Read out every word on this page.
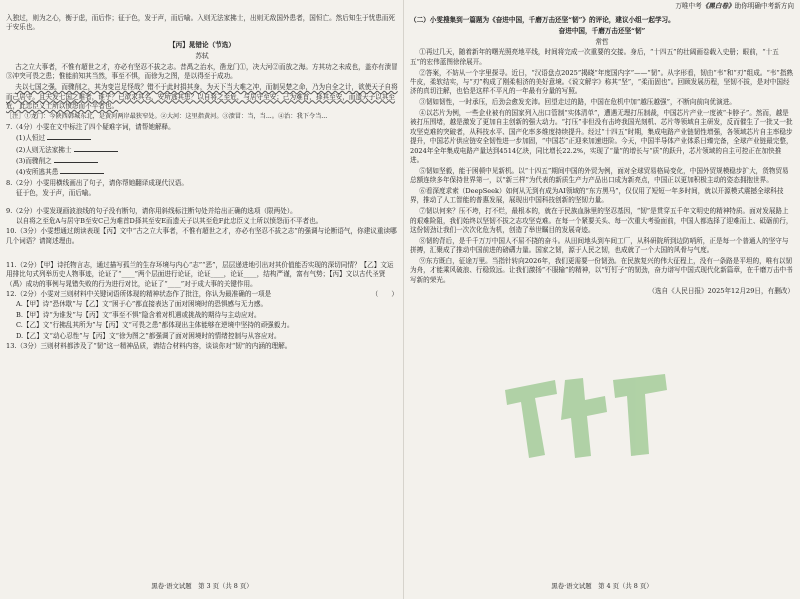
入独过，则为之心，衡于虑，而后作；征于色，发于声，而后喻。入则无法家拂士，出则无敌国外患者，国恒亡。然后知生于忧患而死于安乐也。

【丙】晁错论（节选）

苏轼

古之立大事者，不惟有超世之才，亦必有坚忍不拔之志。昔禹之治水，凿龙门①，决大河②而放之海。方其功之未成也，盖亦有溃冒③冲突可畏之患；惟能前知其当然，事至不惧，而徐为之图，是以得至于成功。

夫以七国之强，而骤削之，其为变岂足怪哉？错不于此时捐其身，为天下当大难之冲，而制吴楚之命，乃为自全之计，欲使天子自将而己居守。且夫发七国之难者，谁乎？已欲求其名，安所逃其患？以自将之至危，与居守至安；己为难首，择其至安，而遗天子以其至危，此忠臣义士所以愤怨而不平者也。

［注］①龙门：今陕西韩城东北，是黄河两岸最狭窄处。②大河：这里指黄河。③溃冒：当，当...。④治：我下令当...

7.（4分）小雯在文中标注了四个疑难字词，请帮她解释。

(1)人恒过

(2)人则无法家拂士

(3)而骤削之

(4)安所逃其患

8.（2分）小雯用横线画出了句子，请你帮她翻译成现代汉语。

征于色，发于声，而后喻。

9.（2分）小雯发现画波浪线的句子没有断句，请你用斜线标注断句处并给出正确的选项（限两处）。

以自将之至危A与居守B至安C己为难首D择其至安E而遗天子以其至危F此忠臣义士所以愤怨而不平者也。

10.（3分）小雯想通过朗读表现【丙】文中“古之立大事者，不惟有超世之才，亦必有坚忍不拔之志”的强调与论断语气，你建议重读哪几个词语？请简述理由。

11.（2分）【甲】诗托物言志，通过描写孤兰的生存环境与内心“志”“恶”，层层递进地引出对其价值能否实现的深切同情？【乙】文运用排比句式列举历史人物事迹，论证了“____”两个层面进行论证，论证____，论证____，结构严谨，富有气势；【丙】文以古代圣贤（禹）成功的事例与晁错失败的行为进行对比，论证了“____”对于成大事的关键作用。

12.（2分）小雯对三则材料中关键词语所体现的精神状态作了批注，你认为最准确的一项是	（　　）

A.【甲】诗“恐休歇”与【乙】文“困于心”都直接表达了面对困境时的恐惧感与无力感。

B.【甲】诗“为谁发”与【丙】文“事至不惧”隐含着对机遇或挑战的期待与主动应对。

C.【乙】文“行拂乱其所为”与【丙】文“可畏之患”都体现出主体能够在逆境中坚持的顽强毅力。

D.【乙】文“动心忍性”与【丙】文“徐为图之”都强调了面对困境时的情绪控制与从容应对。

13.（3分）三则材料都涉及了“韧”这一精神品质，请结合材料内容，谈谈你对“韧”的内涵的理解。

黑卷·语文试题　第 3 页（共 8 页）
万唯中考《黑白卷》助你明确中考新方向

（二）小雯搜集到一篇题为《奋进中国，千磨万击还坚“韧”》的评论，建议小组一起学习。

奋进中国，千磨万击还坚“韧”

常哲

①再过几天，随着新年的曙光照亮地平线，时间将完成一次重要的交接。身后，“十四五”的壮阔画卷载入史册；眼前，“十五五”的宏伟蓝图徐徐展开。

②答案，不妨从一个字里探寻。近日，“汉语盘点2025”揭晓“年度国内字”——“韧”。从字形看，韧由“韦”和“刃”组成。“韦”指熟牛皮，柔软结实，与“刃”构成了刚柔相济的美好意境。《说文解字》称其“坚”，“柔而固也”。回顾发展历程，坚韧不拔，是对中国经济的真切注解，也恰是这样不平凡的一年最有分量的写照。

③韧如韧性，一时承压，后劲会愈发充沛。回望走过的路，中国在危机中加“越压越强”，不断向前向优演进。

④以芯片为例，一些企业被有的国家列入出口管制“实体清单”，遭遇无理打压制裁，中国芯片产业一度被“卡脖子”。然而，越是被打压围堵，越是激发了更加自主创新的强大动力。“打压”非但没有击垮我国光刻机、芯片等领域自主研发，反而催生了一批又一批攻坚克难的突破者，从科技水平、国产化率多维度持续提升。经过“十四五”时期，集成电路产业链韧性增强，各领域芯片自主率稳步提升，中国芯片供应链安全韧性进一步加固，“中国芯”正迎来加速进阶。今天，中国半导体产业体系日臻完备，全球产业链最完整，2024年全年集成电路产量达到4514亿块，同比增长22.2%，实现了“量”的增长与“质”的跃升，芯片领域的自主可控正在加快推进。

⑤韧如坚毅，能于困顿中见新机。以“十四五”期间中国的外贸为例，面对全球贸易格局变化，中国外贸规模稳步扩大，货物贸易总额连续多年保持世界第一，以“新三样”为代表的新质生产力产品出口成为新亮点，中国正以更加积极主动的姿态拥抱世界。

⑥看深度求索（DeepSeek）如何从无到有成为AI领域的“东方黑马”，仅仅用了短短一年多时间，就以开源模式震撼全球科技界，推动了人工智能的普惠发展，展现出中国科技创新的坚韧力量。

⑦韧以何来？压不垮，打不烂，最根本的，就在于民族血脉里的坚忍基因，“韧”是贯穿五千年文明史的精神特质。面对发展路上的艰难险阻，我们始终以坚韧不拔之志攻坚克难。在每一个紧要关头、每一次重大考验面前，中国人都选择了迎难而上、砥砺前行，这份韧劲让我们一次次化危为机，创造了举世瞩目的发展奇迹。

⑧韧的背后，是千千万万中国人不屈不挠的奋斗。从田间地头到车间工厂，从科研院所到边防哨所，正是每一个普通人的坚守与拼搏，汇聚成了推动中国前进的磅礴力量。国家之韧，源于人民之韧，也成就了一个大国的风骨与气度。

⑨东方既白，征途万里。当指针转向2026年，我们更需要一份韧劲。在民族复兴的伟大征程上，没有一条路是平坦的，唯有以韧为舟，才能乘风破浪、行稳致远。让我们激扬“不服输”的精神，以“钉钉子”的韧劲，奋力谱写中国式现代化新篇章，在千磨万击中书写新的荣光。

（选自《人民日报》2025年12月29日，有删改）

黑卷·语文试题　第 4 页（共 8 页）
